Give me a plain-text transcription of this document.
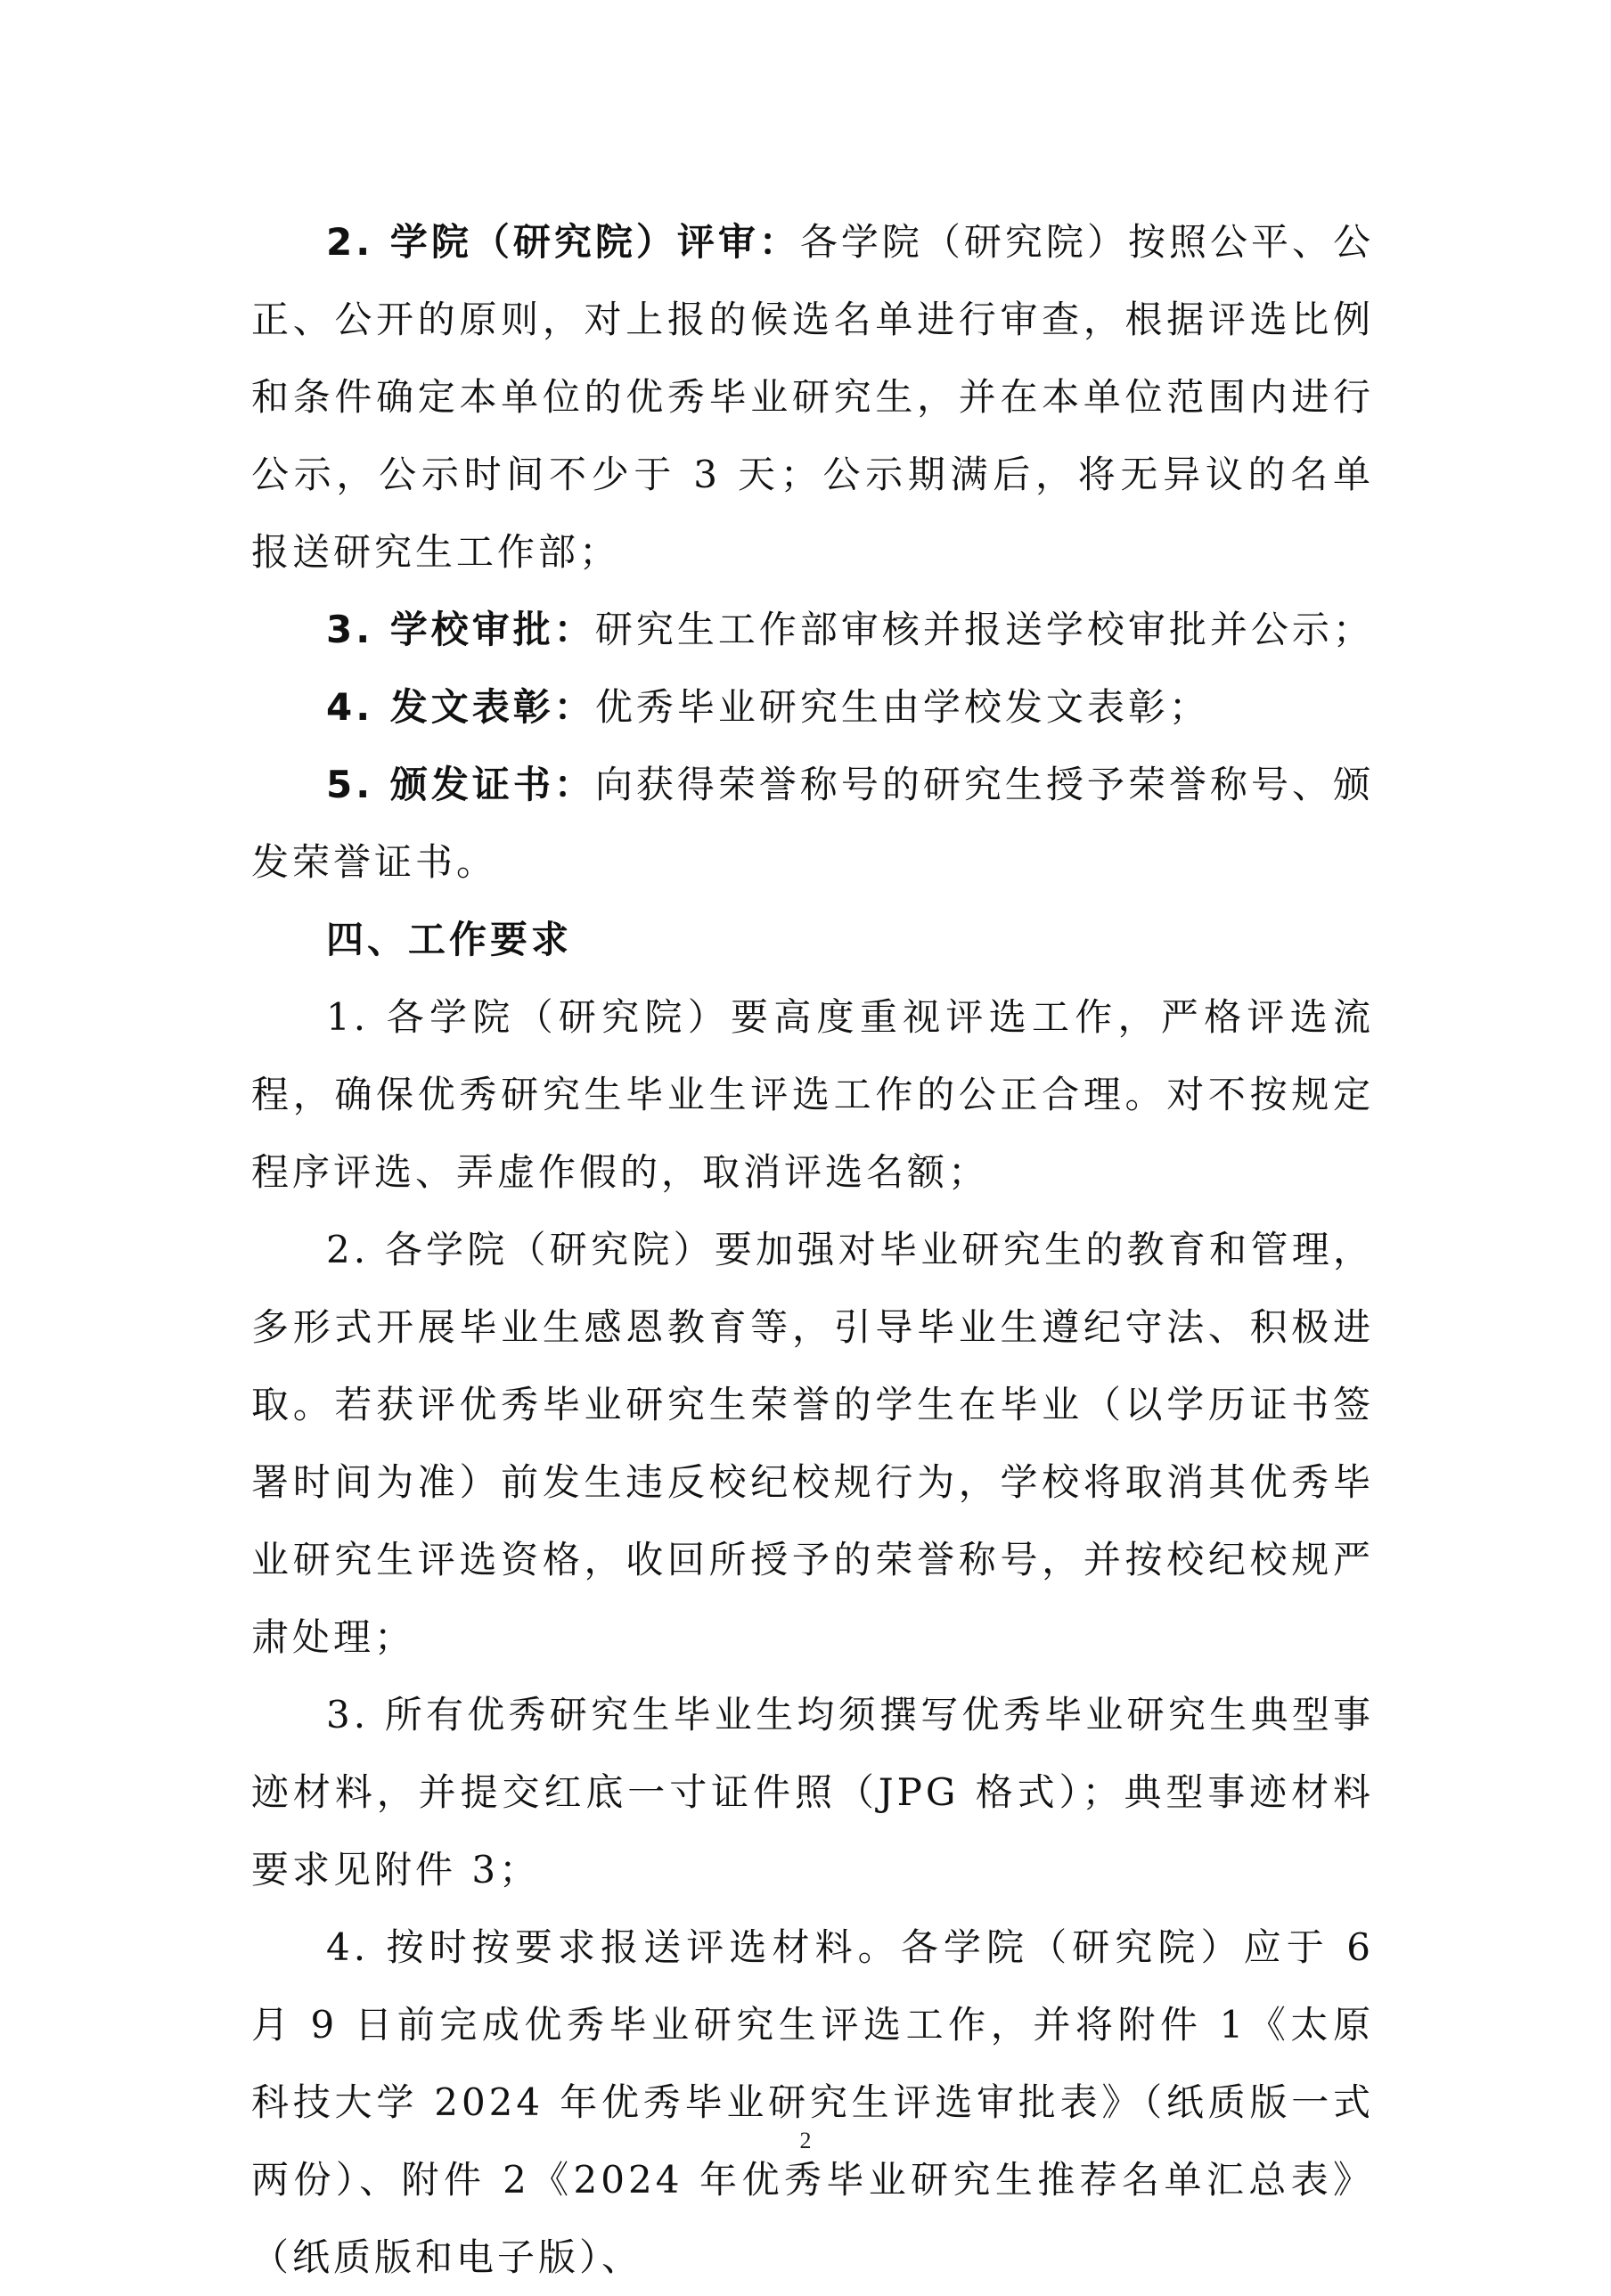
2. 学院（研究院）评审：各学院（研究院）按照公平、公正、公开的原则，对上报的候选名单进行审查，根据评选比例和条件确定本单位的优秀毕业研究生，并在本单位范围内进行公示，公示时间不少于 3 天；公示期满后，将无异议的名单报送研究生工作部；

3. 学校审批：研究生工作部审核并报送学校审批并公示；

4. 发文表彰：优秀毕业研究生由学校发文表彰；

5. 颁发证书：向获得荣誉称号的研究生授予荣誉称号、颁发荣誉证书。

四、工作要求

1. 各学院（研究院）要高度重视评选工作，严格评选流程，确保优秀研究生毕业生评选工作的公正合理。对不按规定程序评选、弄虚作假的，取消评选名额；

2. 各学院（研究院）要加强对毕业研究生的教育和管理，多形式开展毕业生感恩教育等，引导毕业生遵纪守法、积极进取。若获评优秀毕业研究生荣誉的学生在毕业（以学历证书签署时间为准）前发生违反校纪校规行为，学校将取消其优秀毕业研究生评选资格，收回所授予的荣誉称号，并按校纪校规严肃处理；

3. 所有优秀研究生毕业生均须撰写优秀毕业研究生典型事迹材料，并提交红底一寸证件照（JPG 格式）；典型事迹材料要求见附件 3；

4. 按时按要求报送评选材料。各学院（研究院）应于 6 月 9 日前完成优秀毕业研究生评选工作，并将附件 1《太原科技大学 2024 年优秀毕业研究生评选审批表》（纸质版一式两份）、附件 2《2024 年优秀毕业研究生推荐名单汇总表》（纸质版和电子版）、

2
